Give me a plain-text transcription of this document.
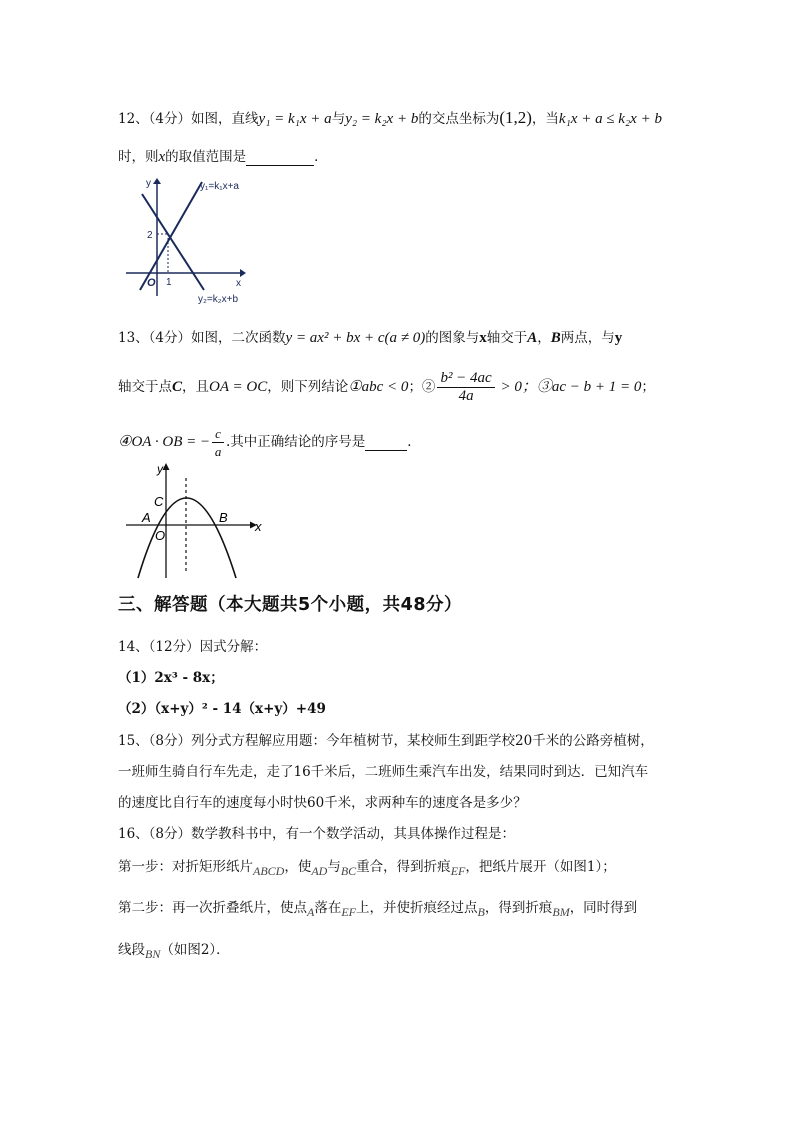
12、（4分）如图，直线y₁ = k₁x + a与y₂ = k₂x + b的交点坐标为(1,2)，当k₁x + a ≤ k₂x + b
时，则x的取值范围是	．
y₁=k₁x+a
y₂=k₂x+b
y
x
O 1
2
13、（4分）如图，二次函数y = ax² + bx + c(a ≠ 0)的图象与x轴交于A，B两点，与y
轴交于点C，且OA = OC，则下列结论①abc < 0；② $\frac{\text{b² − 4ac}}{4a} > 0$；③ac − b + 1 = 0；
④OA · OB = − $\frac{c}{a}$ .其中正确结论的序号是	．
y
x
O
A	B
C
三、解答题（本大题共5个小题，共48分）
14、（12分）因式分解：
（1）2x³ - 8x；
（2）（x+y）² - 14（x+y）+49
15、（8分）列分式方程解应用题：今年植树节，某校师生到距学校20千米的公路旁植树，
一班师生骑自行车先走，走了16千米后，二班师生乘汽车出发，结果同时到达．已知汽车
的速度比自行车的速度每小时快60千米，求两种车的速度各是多少？
16、（8分）数学教科书中，有一个数学活动，其具体操作过程是：
第一步：对折矩形纸片ABCD，使AD与BC重合，得到折痕EF，把纸片展开（如图1）；
第二步：再一次折叠纸片，使点A落在EF上，并使折痕经过点B，得到折痕BM，同时得到
线段BN（如图2）．
